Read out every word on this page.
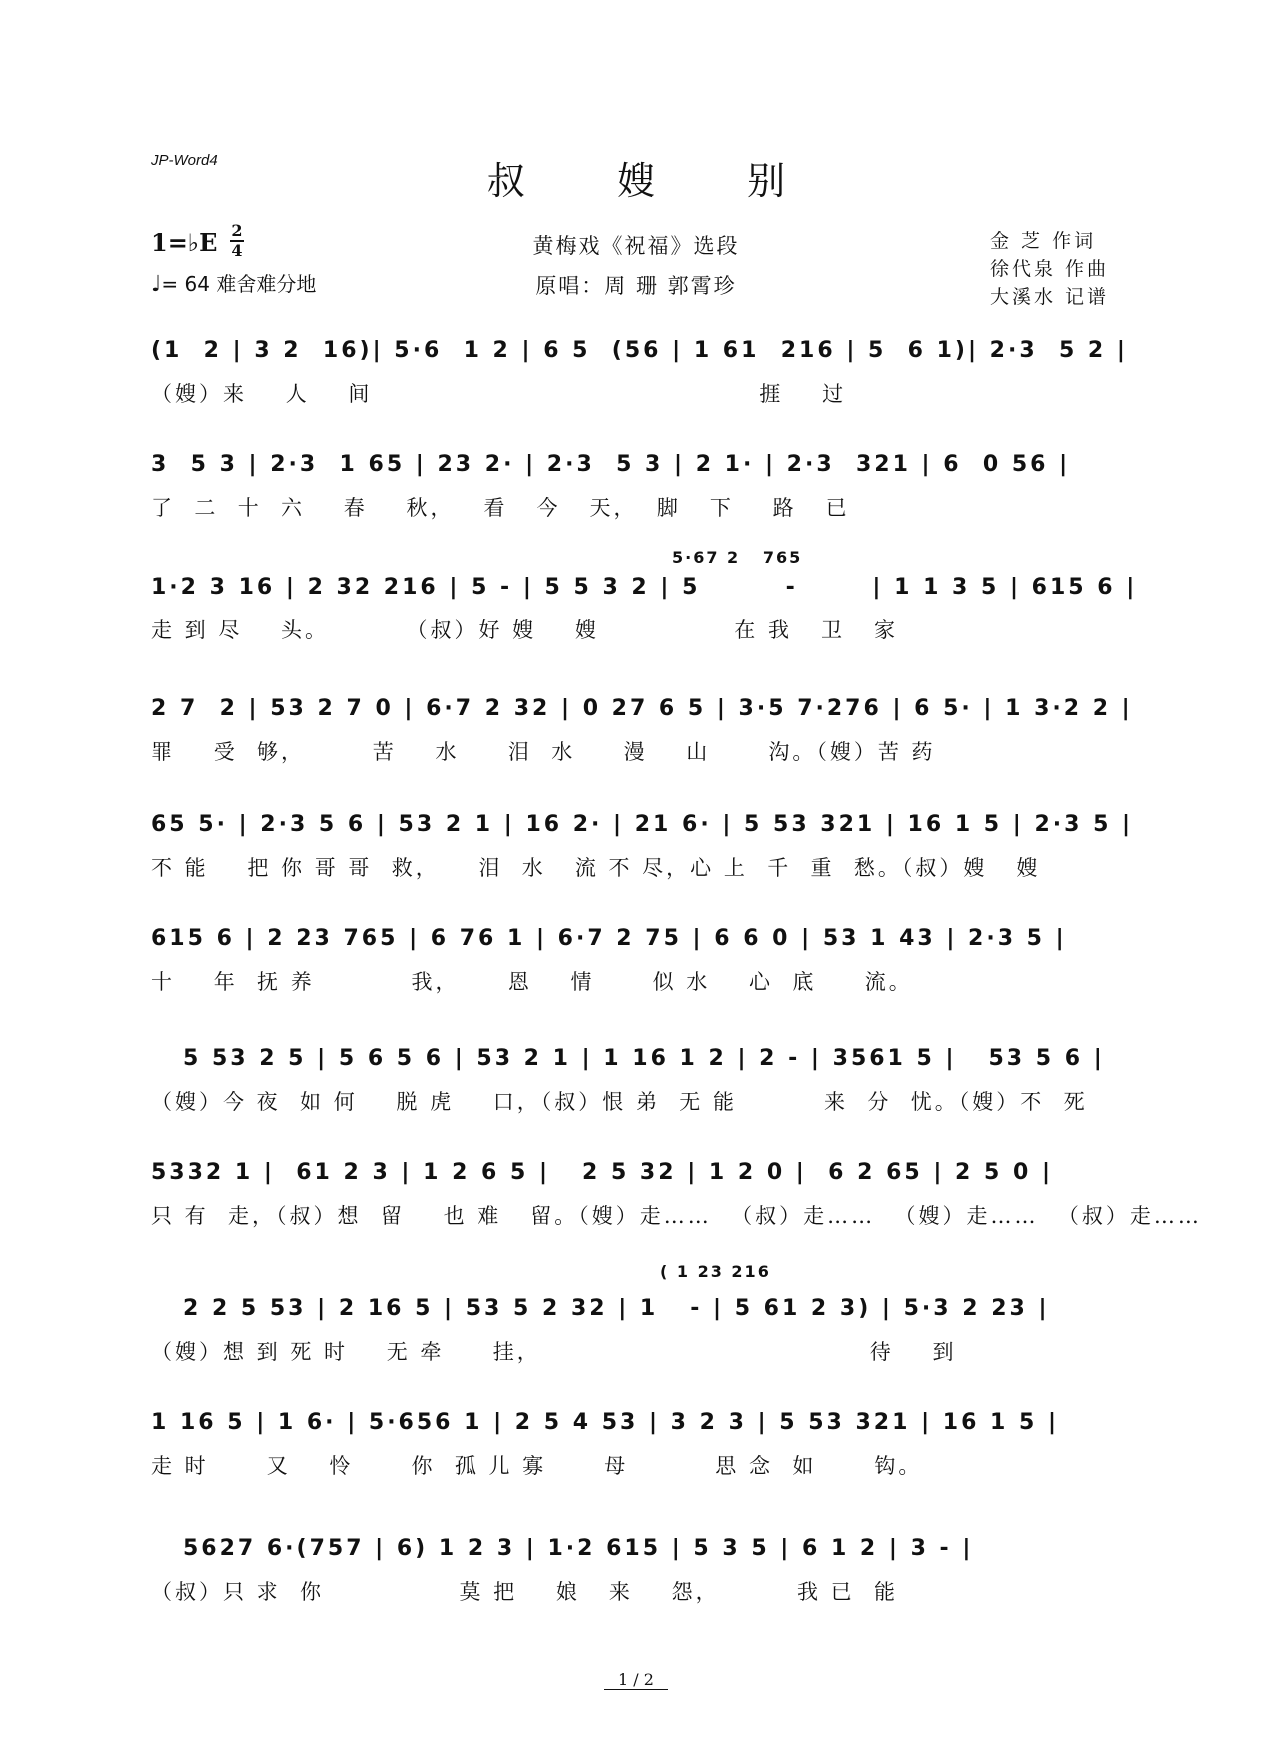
JP-Word4	叔 嫂 别
1=♭E 2
4
♩= 64 难舍难分地
黄梅戏《祝福》选段
原唱：周 珊 郭霄珍
金 芝 作词
徐代泉 作曲
大溪水 记谱

(1  2 | 3 2  16)| 5·6  1 2 | 6 5  (56 | 1 61  216 | 5  6 1)| 2·3  5 2 |

（嫂）来    人    间                                        捱    过

3  5 3 | 2·3  1 65 | 23 2· | 2·3  5 3 | 2 1· | 2·3  321 | 6  0 56 |

了  二  十  六    春    秋，   看   今   天，  脚   下    路   已
5·67 2   765

1·2 3 16 | 2 32 216 | 5 - | 5 5 3 2 | 5        -       | 1 1 3 5 | 615 6 |

走 到 尽    头。        （叔）好 嫂    嫂              在 我   卫   家

2 7  2 | 53 2 7 0 | 6·7 2 32 | 0 27 6 5 | 3·5 7·276 | 6 5· | 1 3·2 2 |

罪    受  够，       苦    水     泪  水     漫    山      沟。（嫂）苦 药

65 5· | 2·3 5 6 | 53 2 1 | 16 2· | 21 6· | 5 53 321 | 16 1 5 | 2·3 5 |

不 能    把 你 哥 哥  救，    泪  水   流 不 尽，心 上  千  重  愁。（叔）嫂   嫂

615 6 | 2 23 765 | 6 76 1 | 6·7 2 75 | 6 6 0 | 53 1 43 | 2·3 5 |

十    年  抚 养          我，     恩    情      似 水    心  底     流。

5 53 2 5 | 5 6 5 6 | 53 2 1 | 1 16 1 2 | 2 - | 3561 5 |   53 5 6 |

（嫂）今 夜  如 何    脱 虎    口，（叔）恨 弟  无 能         来  分  忧。（嫂）不  死

5332 1 |  61 2 3 | 1 2 6 5 |   2 5 32 | 1 2 0 |  6 2 65 | 2 5 0 |

只 有  走，（叔）想  留    也 难   留。（嫂）走……  （叔）走……  （嫂）走……  （叔）走……
( 1 23 216

2 2 5 53 | 2 16 5 | 53 5 2 32 | 1   - | 5 61 2 3) | 5·3 2 23 |

（嫂）想 到 死 时    无 牵     挂，                                  待    到

1 16 5 | 1 6· | 5·656 1 | 2 5 4 53 | 3 2 3 | 5 53 321 | 16 1 5 |

走 时      又    怜      你  孤 儿 寡      母         思 念  如      钩。

5627 6·(757 | 6) 1 2 3 | 1·2 615 | 5 3 5 | 6 1 2 | 3 - |

（叔）只 求  你              莫 把    娘   来    怨，        我 已  能
1 / 2
